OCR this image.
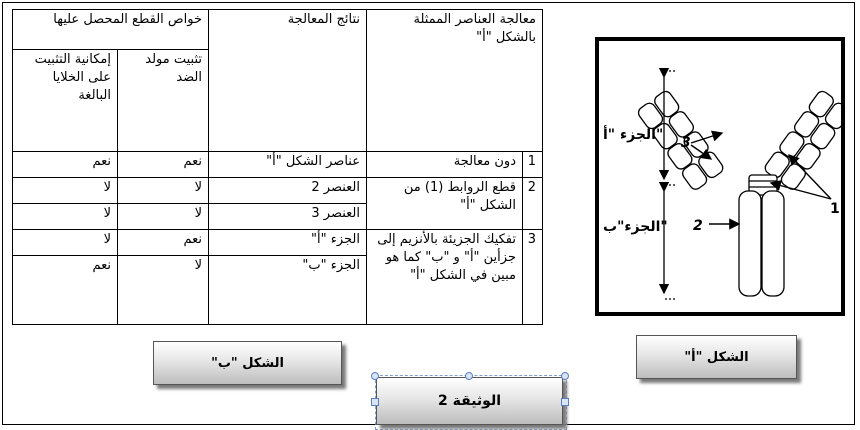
معالجة العناصر الممثلة بالشكل "أ"		نتائج المعالجة	خواص القطع المحصل عليها	
			تثبيت مولد الضد	إمكانية التثبيت على الخلايا البالغة
1	دون معالجة	عناصر الشكل "أ"	نعم	نعم
2	قطع الروابط (1) من الشكل "أ"	العنصر 2	لا	لا
		العنصر 3	لا	لا
3	تفكيك الجزيئة بالأنزيم إلى جزأين "أ" و "ب" كما هو مبين في الشكل "أ"	الجزء "أ"	نعم	لا
		الجزء "ب"	لا	نعم
الجزء "أ"
الجزء"ب"
3
1
2
الشكل "ب"	الشكل "أ"
الوثيقة 2
